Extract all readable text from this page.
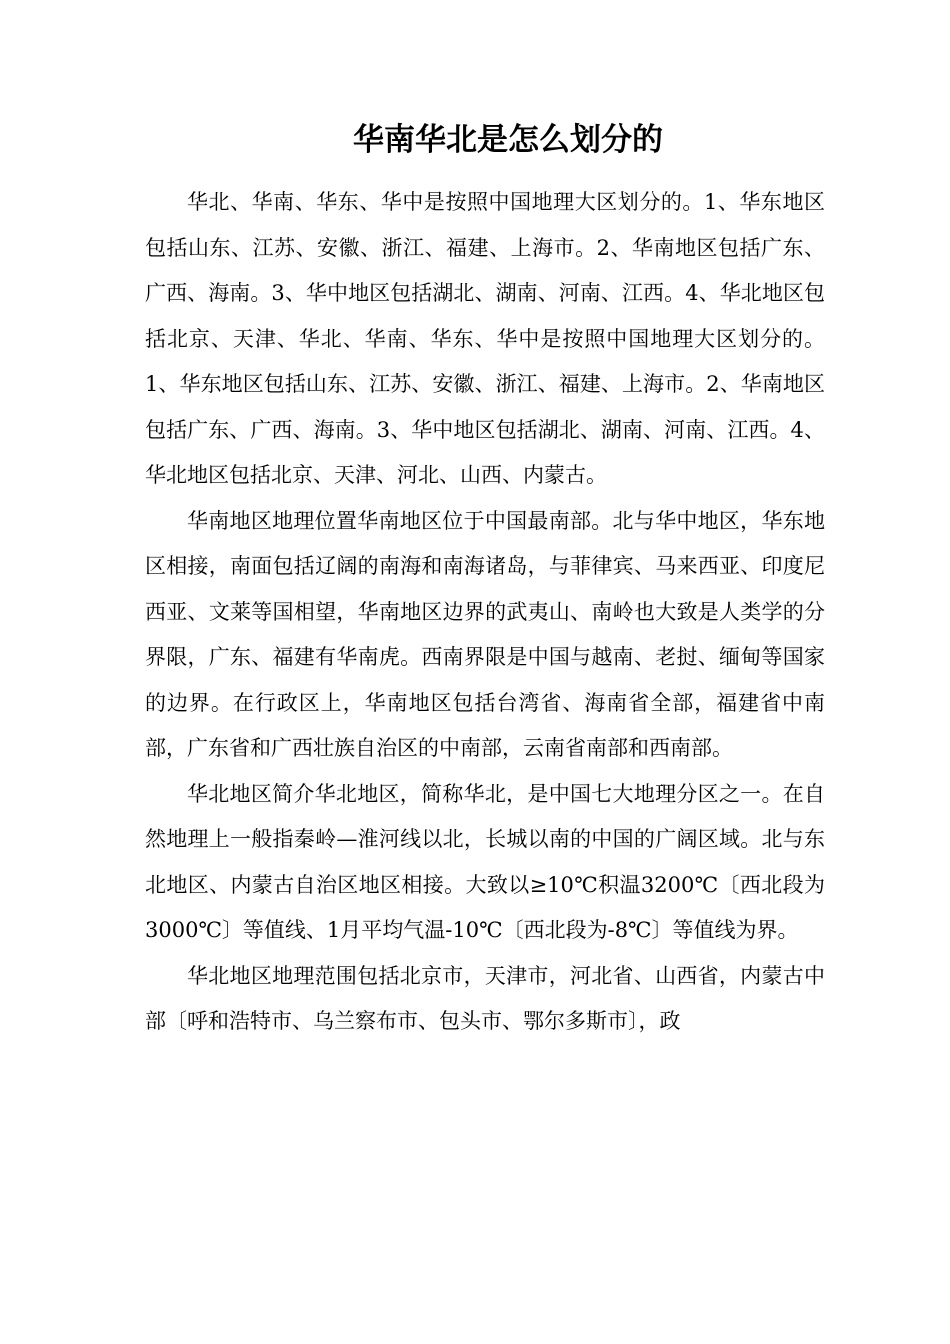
华南华北是怎么划分的

华北、华南、华东、华中是按照中国地理大区划分的。1、华东地区包括山东、江苏、安徽、浙江、福建、上海市。2、华南地区包括广东、广西、海南。3、华中地区包括湖北、湖南、河南、江西。4、华北地区包括北京、天津、华北、华南、华东、华中是按照中国地理大区划分的。1、华东地区包括山东、江苏、安徽、浙江、福建、上海市。2、华南地区包括广东、广西、海南。3、华中地区包括湖北、湖南、河南、江西。4、华北地区包括北京、天津、河北、山西、内蒙古。

华南地区地理位置华南地区位于中国最南部。北与华中地区，华东地区相接，南面包括辽阔的南海和南海诸岛，与菲律宾、马来西亚、印度尼西亚、文莱等国相望，华南地区边界的武夷山、南岭也大致是人类学的分界限，广东、福建有华南虎。西南界限是中国与越南、老挝、缅甸等国家的边界。在行政区上，华南地区包括台湾省、海南省全部，福建省中南部，广东省和广西壮族自治区的中南部，云南省南部和西南部。

华北地区简介华北地区，简称华北，是中国七大地理分区之一。在自然地理上一般指秦岭—淮河线以北，长城以南的中国的广阔区域。北与东北地区、内蒙古自治区地区相接。大致以≥10℃积温3200℃〔西北段为3000℃〕等值线、1月平均气温-10℃〔西北段为-8℃〕等值线为界。

华北地区地理范围包括北京市，天津市，河北省、山西省，内蒙古中部〔呼和浩特市、乌兰察布市、包头市、鄂尔多斯市〕，政
